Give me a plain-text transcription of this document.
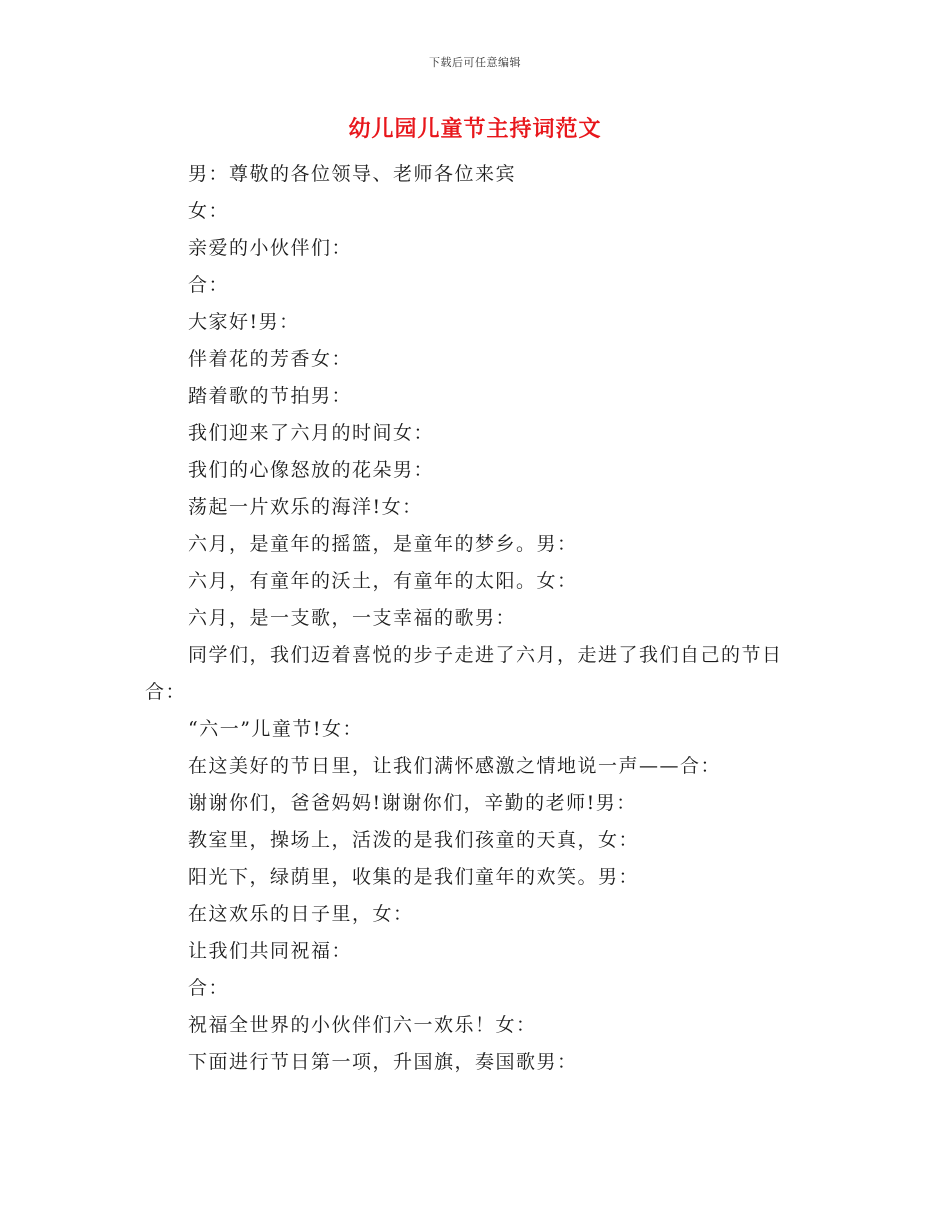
下载后可任意编辑
幼儿园儿童节主持词范文

男：尊敬的各位领导、老师各位来宾

女：

亲爱的小伙伴们：

合：

大家好!男：

伴着花的芳香女：

踏着歌的节拍男：

我们迎来了六月的时间女：

我们的心像怒放的花朵男：

荡起一片欢乐的海洋!女：

六月，是童年的摇篮，是童年的梦乡。男：

六月，有童年的沃土，有童年的太阳。女：

六月，是一支歌，一支幸福的歌男：

同学们，我们迈着喜悦的步子走进了六月，走进了我们自己的节日合：

“六一”儿童节!女：

在这美好的节日里，让我们满怀感激之情地说一声——合：

谢谢你们，爸爸妈妈!谢谢你们，辛勤的老师!男：

教室里，操场上，活泼的是我们孩童的天真，女：

阳光下，绿荫里，收集的是我们童年的欢笑。男：

在这欢乐的日子里，女：

让我们共同祝福：

合：

祝福全世界的小伙伴们六一欢乐！女：

下面进行节日第一项，升国旗，奏国歌男：
